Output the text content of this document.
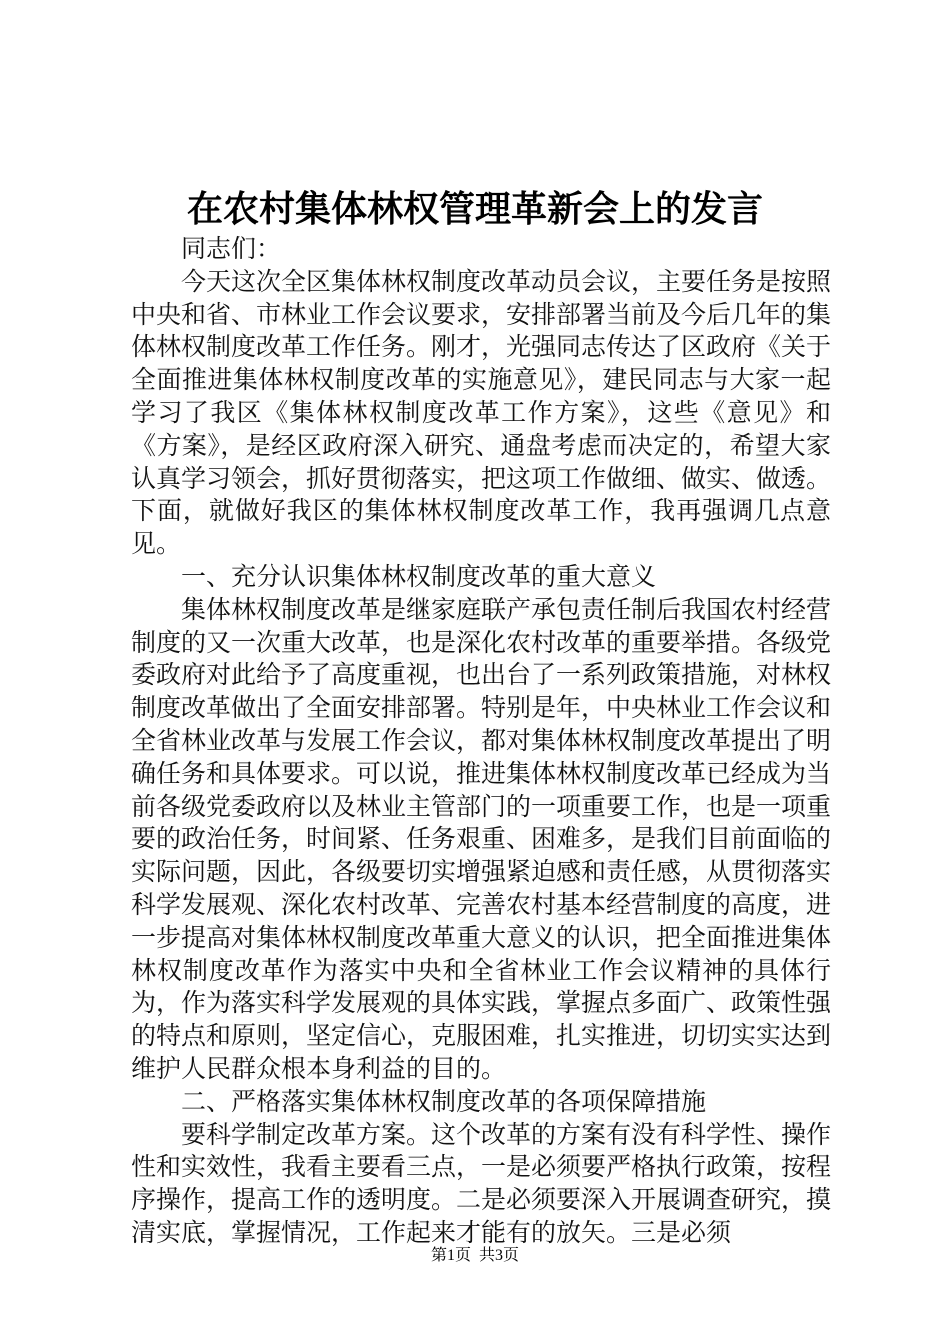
在农村集体林权管理革新会上的发言

同志们：

今天这次全区集体林权制度改革动员会议，主要任务是按照中央和省、市林业工作会议要求，安排部署当前及今后几年的集体林权制度改革工作任务。刚才，光强同志传达了区政府《关于全面推进集体林权制度改革的实施意见》，建民同志与大家一起学习了我区《集体林权制度改革工作方案》，这些《意见》和《方案》，是经区政府深入研究、通盘考虑而决定的，希望大家认真学习领会，抓好贯彻落实，把这项工作做细、做实、做透。下面，就做好我区的集体林权制度改革工作，我再强调几点意见。

一、充分认识集体林权制度改革的重大意义

集体林权制度改革是继家庭联产承包责任制后我国农村经营制度的又一次重大改革，也是深化农村改革的重要举措。各级党委政府对此给予了高度重视，也出台了一系列政策措施，对林权制度改革做出了全面安排部署。特别是年，中央林业工作会议和全省林业改革与发展工作会议，都对集体林权制度改革提出了明确任务和具体要求。可以说，推进集体林权制度改革已经成为当前各级党委政府以及林业主管部门的一项重要工作，也是一项重要的政治任务，时间紧、任务艰重、困难多，是我们目前面临的实际问题，因此，各级要切实增强紧迫感和责任感，从贯彻落实科学发展观、深化农村改革、完善农村基本经营制度的高度，进一步提高对集体林权制度改革重大意义的认识，把全面推进集体林权制度改革作为落实中央和全省林业工作会议精神的具体行为，作为落实科学发展观的具体实践，掌握点多面广、政策性强的特点和原则，坚定信心，克服困难，扎实推进，切切实实达到维护人民群众根本身利益的目的。

二、严格落实集体林权制度改革的各项保障措施

要科学制定改革方案。这个改革的方案有没有科学性、操作性和实效性，我看主要看三点，一是必须要严格执行政策，按程序操作，提高工作的透明度。二是必须要深入开展调查研究，摸清实底，掌握情况，工作起来才能有的放矢。三是必须

第1页  共3页
